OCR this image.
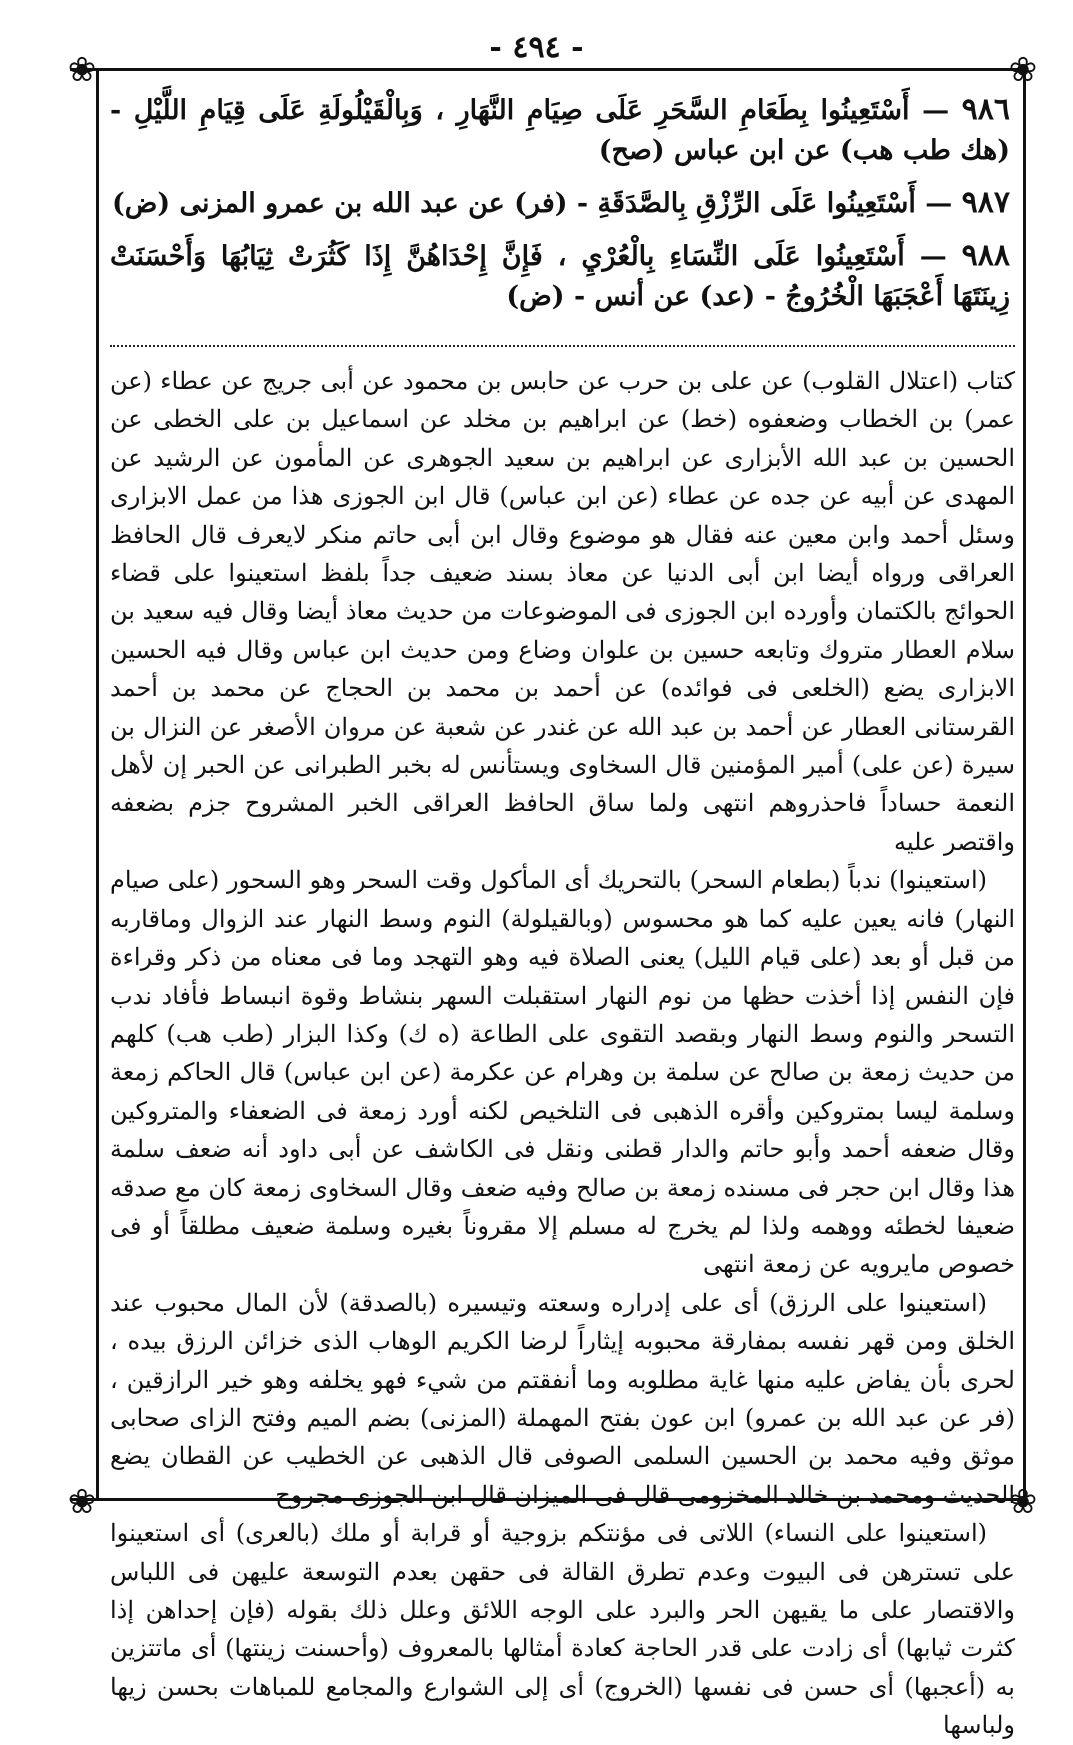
- ٤٩٤ -
❀	❀
❀	❀

٩٨٦ — أَسْتَعِينُوا بِطَعَامِ السَّحَرِ عَلَى صِيَامِ النَّهَارِ ، وَبِالْقَيْلُولَةِ عَلَى قِيَامِ اللَّيْلِ - (هك طب هب) عن ابن عباس (صح)

٩٨٧ — أَسْتَعِينُوا عَلَى الرِّزْقِ بِالصَّدَقَةِ - (فر) عن عبد الله بن عمرو المزنى (ض)

٩٨٨ — أَسْتَعِينُوا عَلَى النِّسَاءِ بِالْعُرْيِ ، فَإِنَّ إِحْدَاهُنَّ إِذَا كَثُرَتْ ثِيَابُهَا وَأَحْسَنَتْ زِينَتَهَا أَعْجَبَهَا الْخُرُوجُ - (عد) عن أنس - (ض)

كتاب (اعتلال القلوب) عن على بن حرب عن حابس بن محمود عن أبى جريج عن عطاء (عن عمر) بن الخطاب وضعفوه (خط) عن ابراهيم بن مخلد عن اسماعيل بن على الخطى عن الحسين بن عبد الله الأبزارى عن ابراهيم بن سعيد الجوهرى عن المأمون عن الرشيد عن المهدى عن أبيه عن جده عن عطاء (عن ابن عباس) قال ابن الجوزى هذا من عمل الابزارى وسئل أحمد وابن معين عنه فقال هو موضوع وقال ابن أبى حاتم منكر لايعرف قال الحافظ العراقى ورواه أيضا ابن أبى الدنيا عن معاذ بسند ضعيف جداً بلفظ استعينوا على قضاء الحوائج بالكتمان وأورده ابن الجوزى فى الموضوعات من حديث معاذ أيضا وقال فيه سعيد بن سلام العطار متروك وتابعه حسين بن علوان وضاع ومن حديث ابن عباس وقال فيه الحسين الابزارى يضع (الخلعى فى فوائده) عن أحمد بن محمد بن الحجاج عن محمد بن أحمد القرستانى العطار عن أحمد بن عبد الله عن غندر عن شعبة عن مروان الأصغر عن النزال بن سيرة (عن على) أمير المؤمنين قال السخاوى ويستأنس له بخبر الطبرانى عن الحبر إن لأهل النعمة حساداً فاحذروهم انتهى ولما ساق الحافظ العراقى الخبر المشروح جزم بضعفه واقتصر عليه

(استعينوا) ندباً (بطعام السحر) بالتحريك أى المأكول وقت السحر وهو السحور (على صيام النهار) فانه يعين عليه كما هو محسوس (وبالقيلولة) النوم وسط النهار عند الزوال وماقاربه من قبل أو بعد (على قيام الليل) يعنى الصلاة فيه وهو التهجد وما فى معناه من ذكر وقراءة فإن النفس إذا أخذت حظها من نوم النهار استقبلت السهر بنشاط وقوة انبساط فأفاد ندب التسحر والنوم وسط النهار وبقصد التقوى على الطاعة (ه ك) وكذا البزار (طب هب) كلهم من حديث زمعة بن صالح عن سلمة بن وهرام عن عكرمة (عن ابن عباس) قال الحاكم زمعة وسلمة ليسا بمتروكين وأقره الذهبى فى التلخيص لكنه أورد زمعة فى الضعفاء والمتروكين وقال ضعفه أحمد وأبو حاتم والدار قطنى ونقل فى الكاشف عن أبى داود أنه ضعف سلمة هذا وقال ابن حجر فى مسنده زمعة بن صالح وفيه ضعف وقال السخاوى زمعة كان مع صدقه ضعيفا لخطئه ووهمه ولذا لم يخرج له مسلم إلا مقروناً بغيره وسلمة ضعيف مطلقاً أو فى خصوص مايرويه عن زمعة انتهى

(استعينوا على الرزق) أى على إدراره وسعته وتيسيره (بالصدقة) لأن المال محبوب عند الخلق ومن قهر نفسه بمفارقة محبوبه إيثاراً لرضا الكريم الوهاب الذى خزائن الرزق بيده ، لحرى بأن يفاض عليه منها غاية مطلوبه وما أنفقتم من شيء فهو يخلفه وهو خير الرازقين ، (فر عن عبد الله بن عمرو) ابن عون بفتح المهملة (المزنى) بضم الميم وفتح الزاى صحابى موثق وفيه محمد بن الحسين السلمى الصوفى قال الذهبى عن الخطيب عن القطان يضع الحديث ومحمد بن خالد المخزومى قال فى الميزان قال ابن الجوزى مجروح

(استعينوا على النساء) اللاتى فى مؤنتكم بزوجية أو قرابة أو ملك (بالعرى) أى استعينوا على تسترهن فى البيوت وعدم تطرق القالة فى حقهن بعدم التوسعة عليهن فى اللباس والاقتصار على ما يقيهن الحر والبرد على الوجه اللائق وعلل ذلك بقوله (فإن إحداهن إذا كثرت ثيابها) أى زادت على قدر الحاجة كعادة أمثالها بالمعروف (وأحسنت زينتها) أى ماتتزين به (أعجبها) أى حسن فى نفسها (الخروج) أى إلى الشوارع والمجامع للمباهات بحسن زيها ولباسها
